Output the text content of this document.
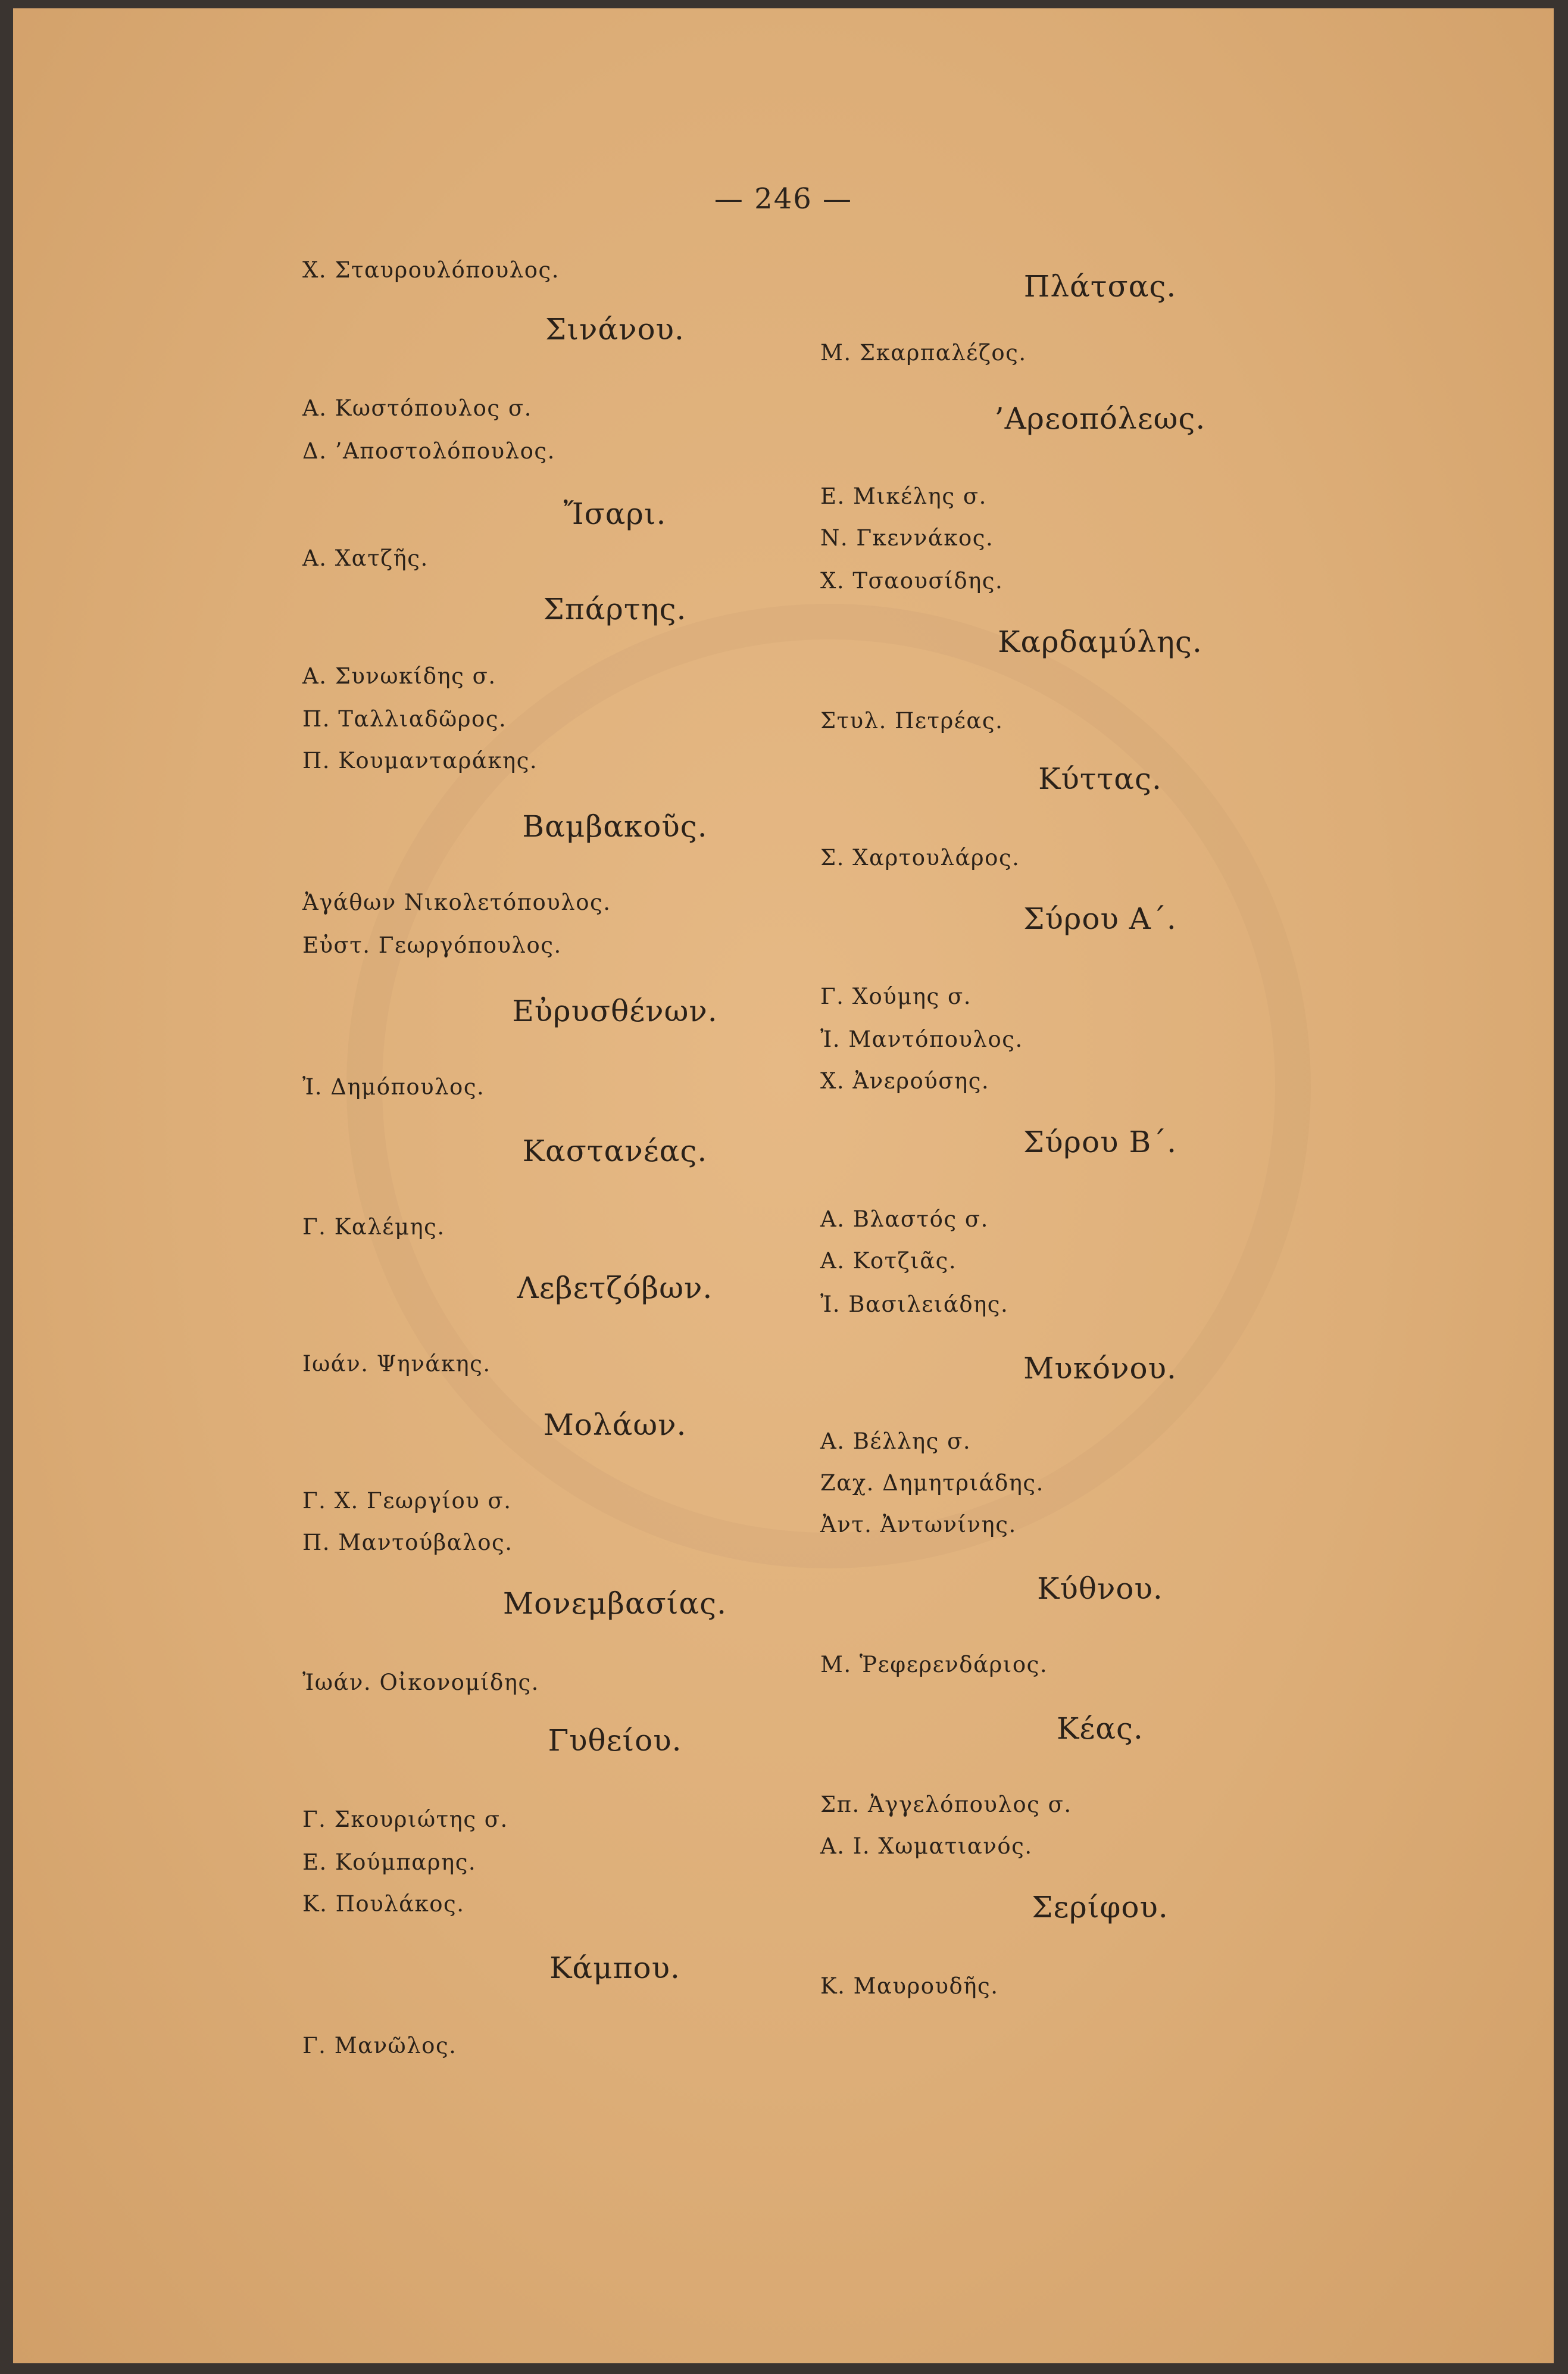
— 246 —
Χ. Σταυρουλόπουλος.
Σινάνου.
Α. Κωστόπουλος σ.
Δ. ’Αποστολόπουλος.
Ἴσαρι.
Α. Χατζῆς.
Σπάρτης.
Α. Συνωκίδης σ.
Π. Ταλλιαδῶρος.
Π. Κουμανταράκης.
Βαμβακοῦς.
Ἀγάθων Νικολετόπουλος.
Εὐστ. Γεωργόπουλος.
Εὐρυσθένων.
Ἰ. Δημόπουλος.
Καστανέας.
Γ. Καλέμης.
Λεβετζόβων.
Ιωάν. Ψηνάκης.
Μολάων.
Γ. Χ. Γεωργίου σ.
Π. Μαντούβαλος.
Μονεμβασίας.
Ἰωάν. Οἰκονομίδης.
Γυθείου.
Γ. Σκουριώτης σ.
Ε. Κούμπαρης.
Κ. Πουλάκος.
Κάμπου.
Γ. Μανῶλος.
Πλάτσας.
Μ. Σκαρπαλέζος.
’Αρεοπόλεως.
Ε. Μικέλης σ.
Ν. Γκεννάκος.
Χ. Τσαουσίδης.
Καρδαμύλης.
Στυλ. Πετρέας.
Κύττας.
Σ. Χαρτουλάρος.
Σύρου Α΄.
Γ. Χούμης σ.
Ἰ. Μαντόπουλος.
Χ. Ἀνερούσης.
Σύρου Β΄.
Α. Βλαστός σ.
Α. Κοτζιᾶς.
Ἰ. Βασιλειάδης.
Μυκόνου.
Α. Βέλλης σ.
Ζαχ. Δημητριάδης.
Ἀντ. Ἀντωνίνης.
Κύθνου.
Μ. Ῥεφερενδάριος.
Κέας.
Σπ. Ἀγγελόπουλος σ.
Α. Ι. Χωματιανός.
Σερίφου.
Κ. Μαυρουδῆς.
